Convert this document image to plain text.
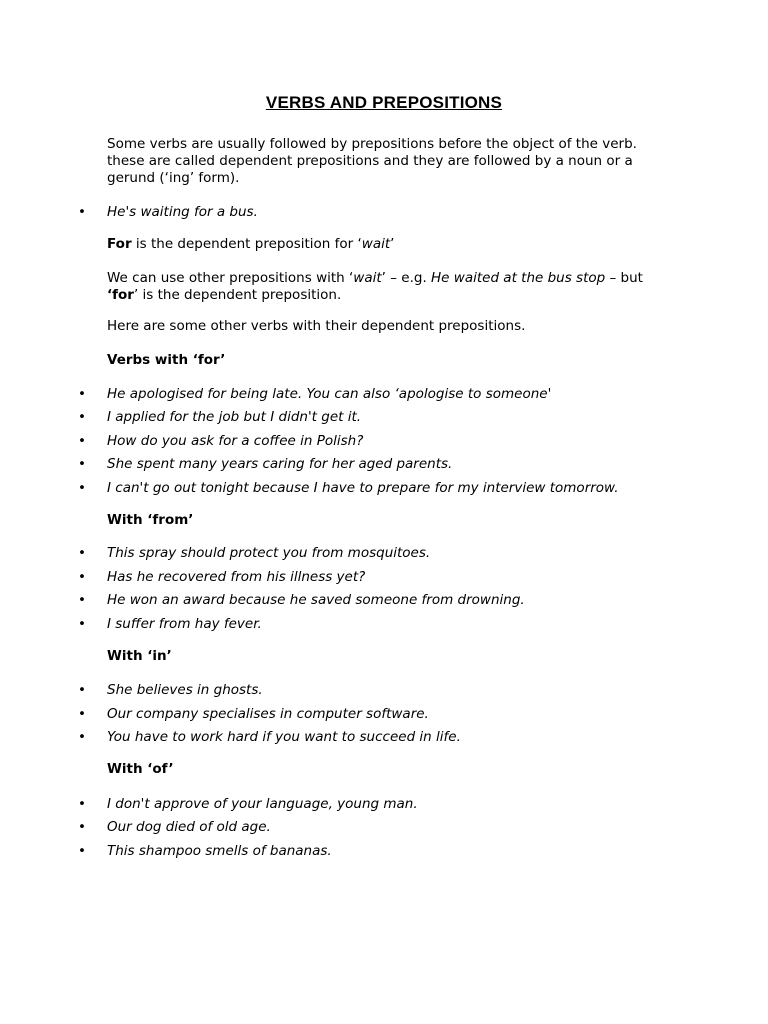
VERBS AND PREPOSITIONS
Some verbs are usually followed by prepositions before the object of the verb.
these are called dependent prepositions and they are followed by a noun or a
gerund (‘ing’ form).
• He's waiting for a bus.
For is the dependent preposition for ‘wait’
We can use other prepositions with ‘wait’ – e.g. He waited at the bus stop – but
‘for’ is the dependent preposition.
Here are some other verbs with their dependent prepositions.
Verbs with ‘for’
• He apologised for being late. You can also ‘apologise to someone'
• I applied for the job but I didn't get it.
• How do you ask for a coffee in Polish?
• She spent many years caring for her aged parents.
• I can't go out tonight because I have to prepare for my interview tomorrow.
With ‘from’
• This spray should protect you from mosquitoes.
• Has he recovered from his illness yet?
• He won an award because he saved someone from drowning.
• I suffer from hay fever.
With ‘in’
• She believes in ghosts.
• Our company specialises in computer software.
• You have to work hard if you want to succeed in life.
With ‘of’
• I don't approve of your language, young man.
• Our dog died of old age.
• This shampoo smells of bananas.
